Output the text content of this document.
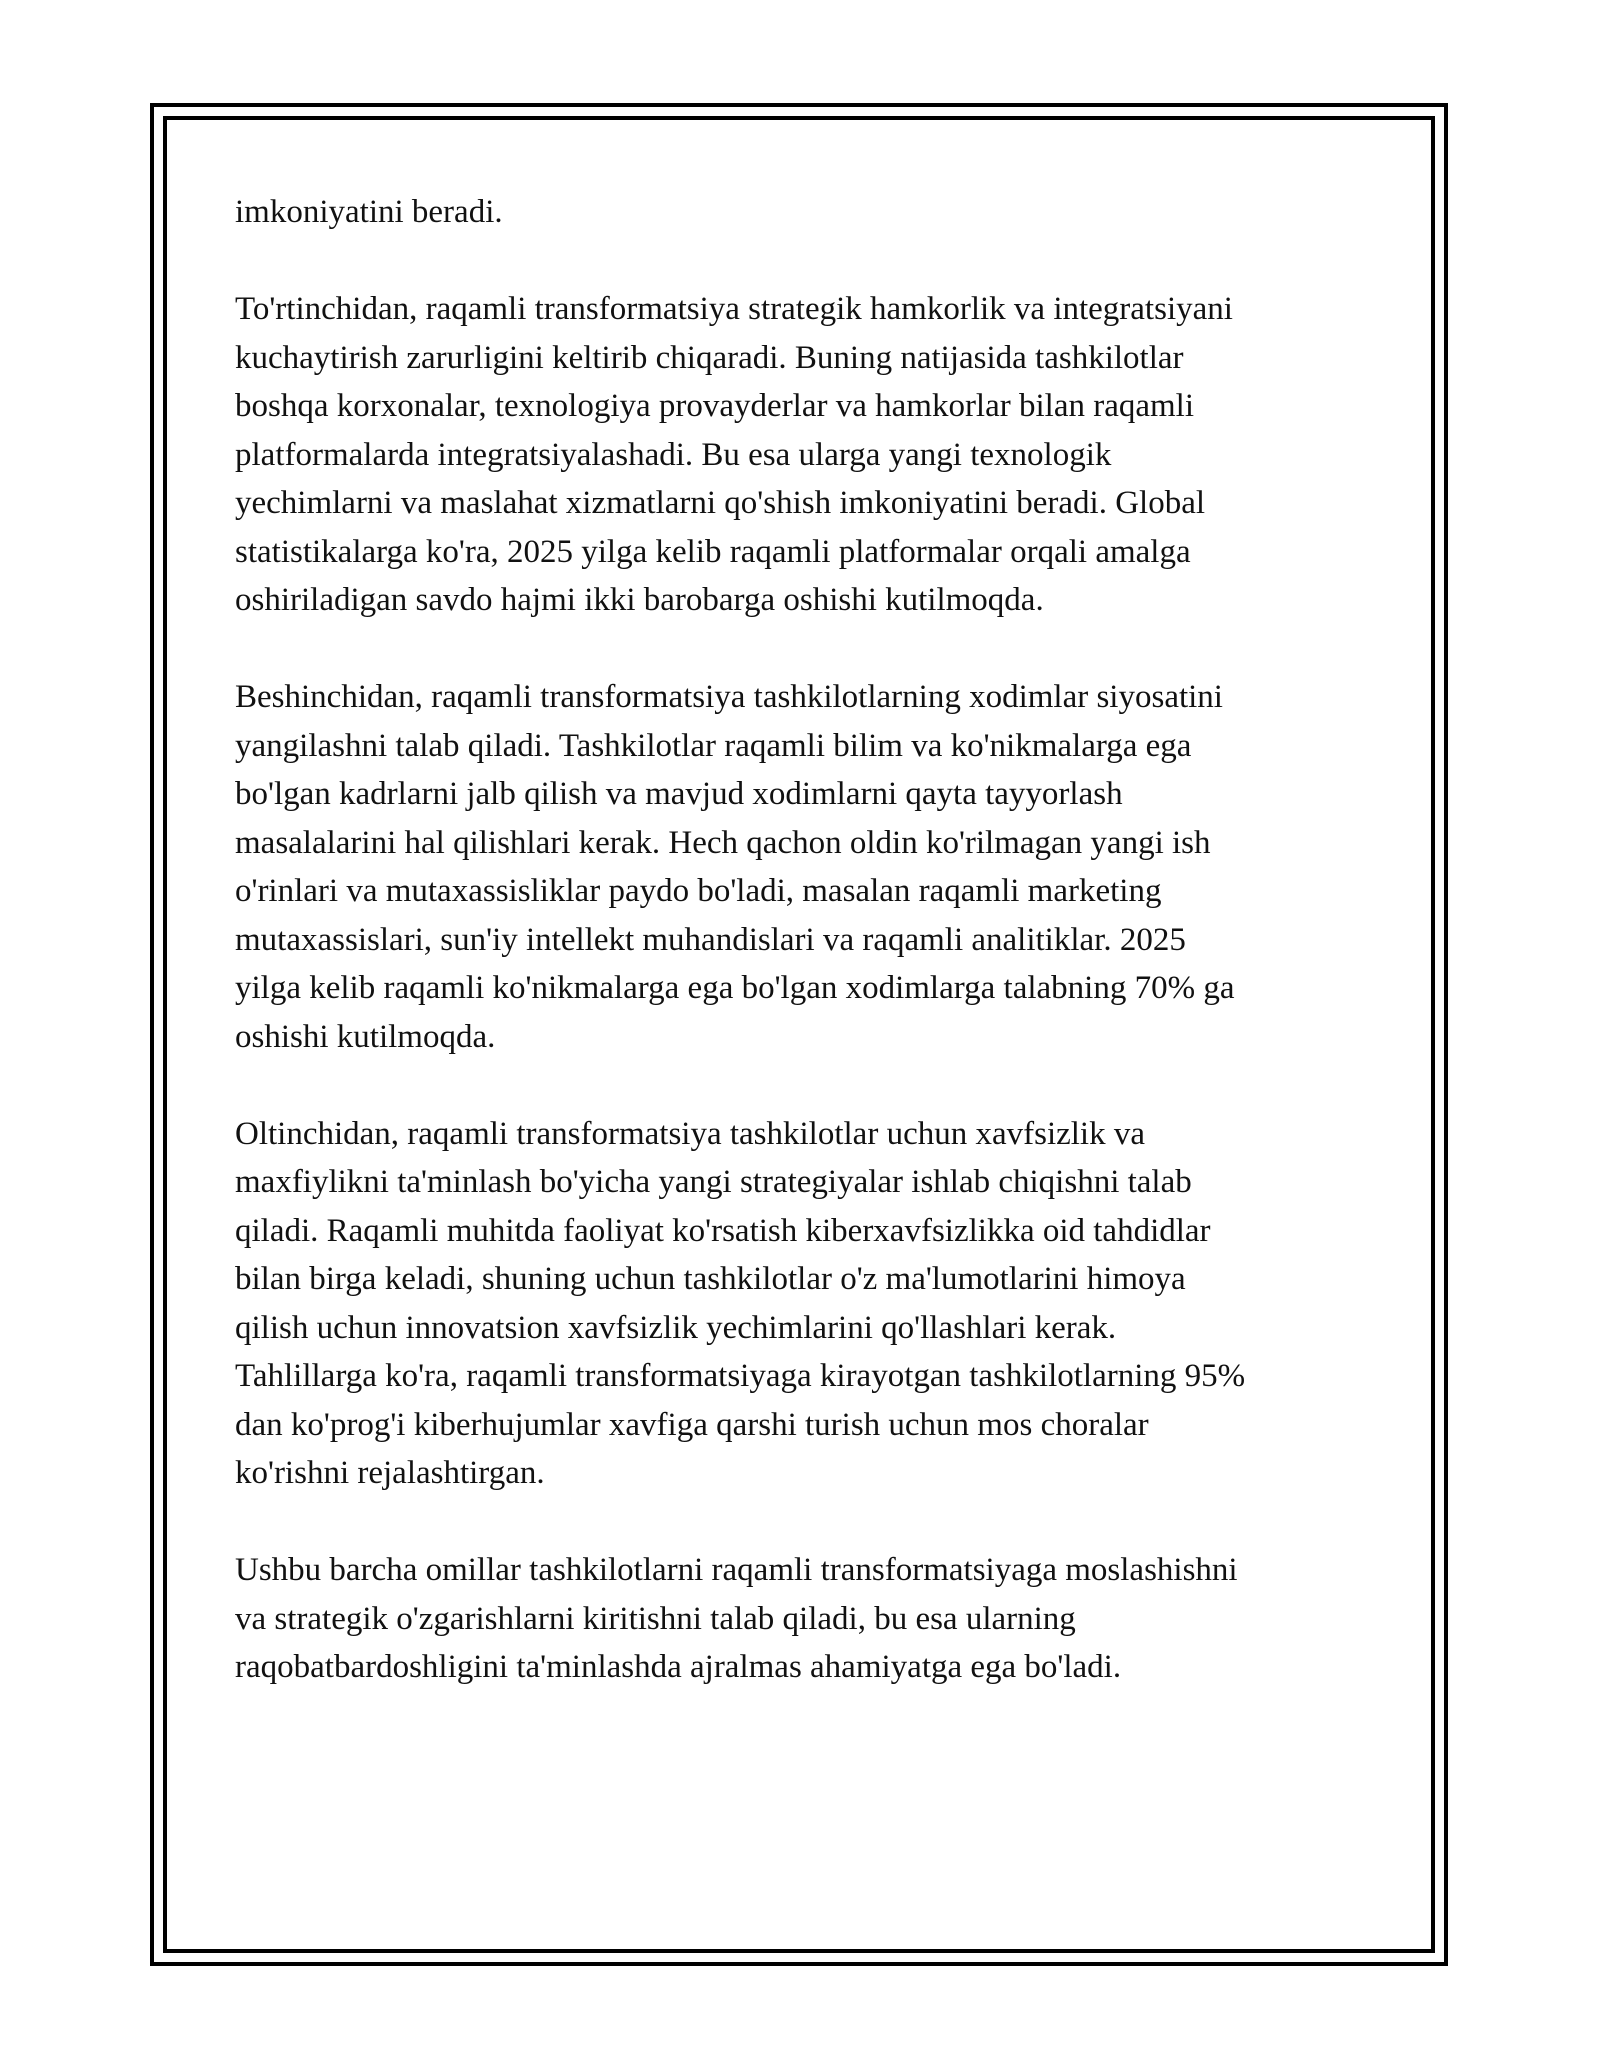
imkoniyatini beradi.

To'rtinchidan, raqamli transformatsiya strategik hamkorlik va integratsiyani
kuchaytirish zarurligini keltirib chiqaradi. Buning natijasida tashkilotlar
boshqa korxonalar, texnologiya provayderlar va hamkorlar bilan raqamli
platformalarda integratsiyalashadi. Bu esa ularga yangi texnologik
yechimlarni va maslahat xizmatlarni qo'shish imkoniyatini beradi. Global
statistikalarga ko'ra, 2025 yilga kelib raqamli platformalar orqali amalga
oshiriladigan savdo hajmi ikki barobarga oshishi kutilmoqda.

Beshinchidan, raqamli transformatsiya tashkilotlarning xodimlar siyosatini
yangilashni talab qiladi. Tashkilotlar raqamli bilim va ko'nikmalarga ega
bo'lgan kadrlarni jalb qilish va mavjud xodimlarni qayta tayyorlash
masalalarini hal qilishlari kerak. Hech qachon oldin ko'rilmagan yangi ish
o'rinlari va mutaxassisliklar paydo bo'ladi, masalan raqamli marketing
mutaxassislari, sun'iy intellekt muhandislari va raqamli analitiklar. 2025
yilga kelib raqamli ko'nikmalarga ega bo'lgan xodimlarga talabning 70% ga
oshishi kutilmoqda.

Oltinchidan, raqamli transformatsiya tashkilotlar uchun xavfsizlik va
maxfiylikni ta'minlash bo'yicha yangi strategiyalar ishlab chiqishni talab
qiladi. Raqamli muhitda faoliyat ko'rsatish kiberxavfsizlikka oid tahdidlar
bilan birga keladi, shuning uchun tashkilotlar o'z ma'lumotlarini himoya
qilish uchun innovatsion xavfsizlik yechimlarini qo'llashlari kerak.
Tahlillarga ko'ra, raqamli transformatsiyaga kirayotgan tashkilotlarning 95%
dan ko'prog'i kiberhujumlar xavfiga qarshi turish uchun mos choralar
ko'rishni rejalashtirgan.

Ushbu barcha omillar tashkilotlarni raqamli transformatsiyaga moslashishni
va strategik o'zgarishlarni kiritishni talab qiladi, bu esa ularning
raqobatbardoshligini ta'minlashda ajralmas ahamiyatga ega bo'ladi.
